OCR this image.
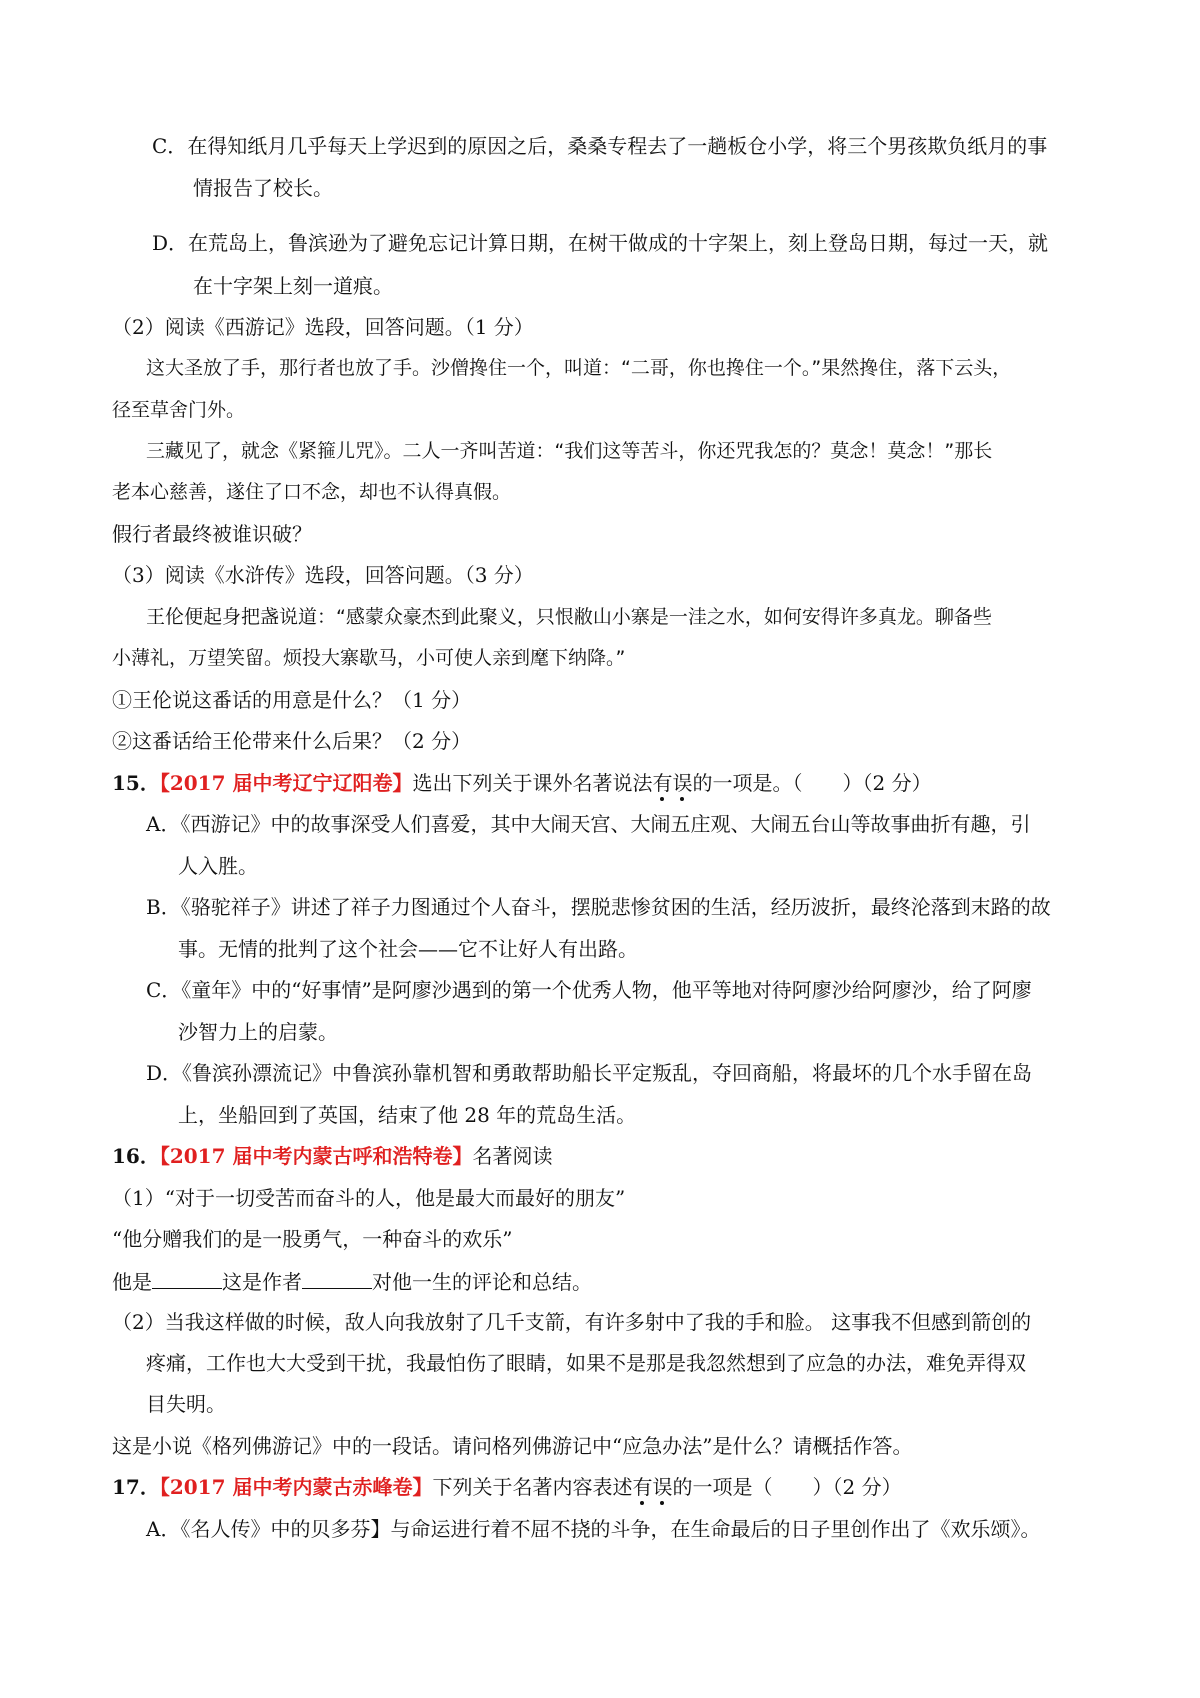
C．在得知纸月几乎每天上学迟到的原因之后，桑桑专程去了一趟板仓小学，将三个男孩欺负纸月的事
情报告了校长。
D．在荒岛上，鲁滨逊为了避免忘记计算日期，在树干做成的十字架上，刻上登岛日期，每过一天，就
在十字架上刻一道痕。
（2）阅读《西游记》选段，回答问题。（1 分）
这大圣放了手，那行者也放了手。沙僧搀住一个，叫道：“二哥，你也搀住一个。”果然搀住，落下云头，
径至草舍门外。
三藏见了，就念《紧箍儿咒》。二人一齐叫苦道：“我们这等苦斗，你还咒我怎的？莫念！莫念！”那长
老本心慈善，遂住了口不念，却也不认得真假。
假行者最终被谁识破？
（3）阅读《水浒传》选段，回答问题。（3 分）
王伦便起身把盏说道：“感蒙众豪杰到此聚义，只恨敝山小寨是一洼之水，如何安得许多真龙。聊备些
小薄礼，万望笑留。烦投大寨歇马，小可使人亲到麾下纳降。”
①王伦说这番话的用意是什么？（1 分）
②这番话给王伦带来什么后果？（2 分）
15．【2017 届中考辽宁辽阳卷】选出下列关于课外名著说法有误的一项是。（　　）（2 分）
A．《西游记》中的故事深受人们喜爱，其中大闹天宫、大闹五庄观、大闹五台山等故事曲折有趣，引
人入胜。
B．《骆驼祥子》讲述了祥子力图通过个人奋斗，摆脱悲惨贫困的生活，经历波折，最终沦落到末路的故
事。无情的批判了这个社会——它不让好人有出路。
C．《童年》中的“好事情”是阿廖沙遇到的第一个优秀人物，他平等地对待阿廖沙给阿廖沙，给了阿廖
沙智力上的启蒙。
D．《鲁滨孙漂流记》中鲁滨孙靠机智和勇敢帮助船长平定叛乱，夺回商船，将最坏的几个水手留在岛
上，坐船回到了英国，结束了他 28 年的荒岛生活。
16．【2017 届中考内蒙古呼和浩特卷】名著阅读
（1）“对于一切受苦而奋斗的人，他是最大而最好的朋友”
“他分赠我们的是一股勇气，一种奋斗的欢乐”
他是	这是作者	对他一生的评论和总结。
（2）当我这样做的时候，敌人向我放射了几千支箭，有许多射中了我的手和脸。 这事我不但感到箭创的
疼痛，工作也大大受到干扰，我最怕伤了眼睛，如果不是那是我忽然想到了应急的办法，难免弄得双
目失明。
这是小说《格列佛游记》中的一段话。请问格列佛游记中“应急办法”是什么？请概括作答。
17．【2017 届中考内蒙古赤峰卷】下列关于名著内容表述有误的一项是（　　）（2 分）
A．《名人传》中的贝多芬】与命运进行着不屈不挠的斗争，在生命最后的日子里创作出了《欢乐颂》。
